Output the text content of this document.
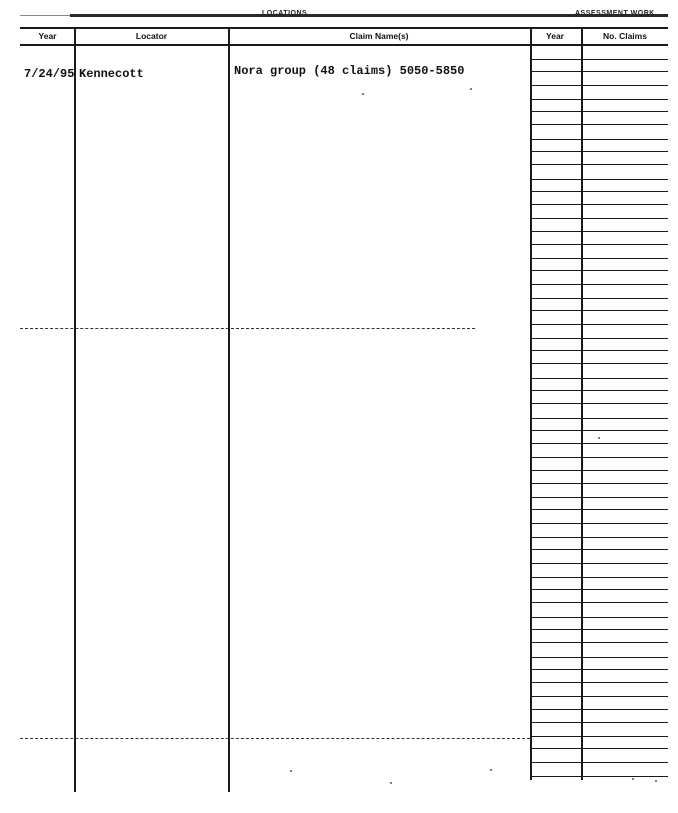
LOCATIONS	ASSESSMENT WORK
Year	Locator	Claim Name(s)	Year	No. Claims
7/24/95 Kennecott	Nora group (48 claims) 5050-5850
